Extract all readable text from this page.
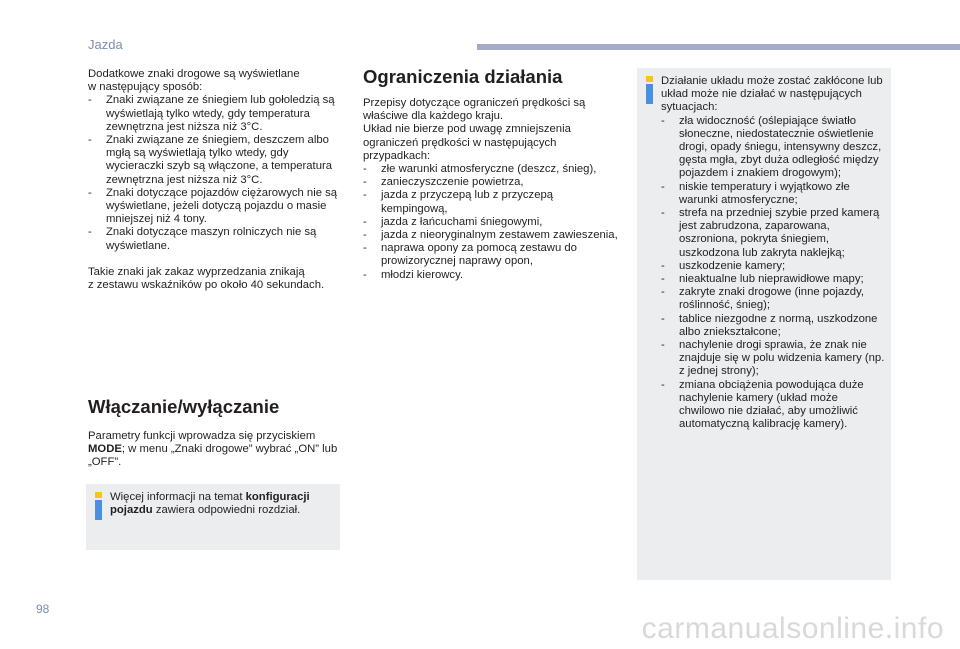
Jazda

Dodatkowe znaki drogowe są wyświetlane
w następujący sposób:

- Znaki związane ze śniegiem lub gołoledzią są wyświetlają tylko wtedy, gdy temperatura zewnętrzna jest niższa niż 3°C.
- Znaki związane ze śniegiem, deszczem albo mgłą są wyświetlają tylko wtedy, gdy wycieraczki szyb są włączone, a temperatura zewnętrzna jest niższa niż 3°C.
- Znaki dotyczące pojazdów ciężarowych nie są wyświetlane, jeżeli dotyczą pojazdu o masie mniejszej niż 4 tony.
- Znaki dotyczące maszyn rolniczych nie są wyświetlane.

Takie znaki jak zakaz wyprzedzania znikają
z zestawu wskaźników po około 40 sekundach.

Włączanie/wyłączanie

Parametry funkcji wprowadza się przyciskiem MODE; w menu „Znaki drogowe” wybrać „ON” lub „OFF”.

Więcej informacji na temat konfiguracji pojazdu zawiera odpowiedni rozdział.
Ograniczenia działania

Przepisy dotyczące ograniczeń prędkości są właściwe dla każdego kraju.

Układ nie bierze pod uwagę zmniejszenia ograniczeń prędkości w następujących przypadkach:

- złe warunki atmosferyczne (deszcz, śnieg),
- zanieczyszczenie powietrza,
- jazda z przyczepą lub z przyczepą kempingową,
- jazda z łańcuchami śniegowymi,
- jazda z nieoryginalnym zestawem zawieszenia,
- naprawa opony za pomocą zestawu do prowizorycznej naprawy opon,
- młodzi kierowcy.

Działanie układu może zostać zakłócone lub układ może nie działać w następujących sytuacjach:

- zła widoczność (oślepiające światło słoneczne, niedostatecznie oświetlenie drogi, opady śniegu, intensywny deszcz, gęsta mgła, zbyt duża odległość między pojazdem i znakiem drogowym);
- niskie temperatury i wyjątkowo złe warunki atmosferyczne;
- strefa na przedniej szybie przed kamerą jest zabrudzona, zaparowana, oszroniona, pokryta śniegiem, uszkodzona lub zakryta naklejką;
- uszkodzenie kamery;
- nieaktualne lub nieprawidłowe mapy;
- zakryte znaki drogowe (inne pojazdy, roślinność, śnieg);
- tablice niezgodne z normą, uszkodzone albo zniekształcone;
- nachylenie drogi sprawia, że znak nie znajduje się w polu widzenia kamery (np. z jednej strony);
- zmiana obciążenia powodująca duże nachylenie kamery (układ może chwilowo nie działać, aby umożliwić automatyczną kalibrację kamery).
98
carmanualsonline.info
